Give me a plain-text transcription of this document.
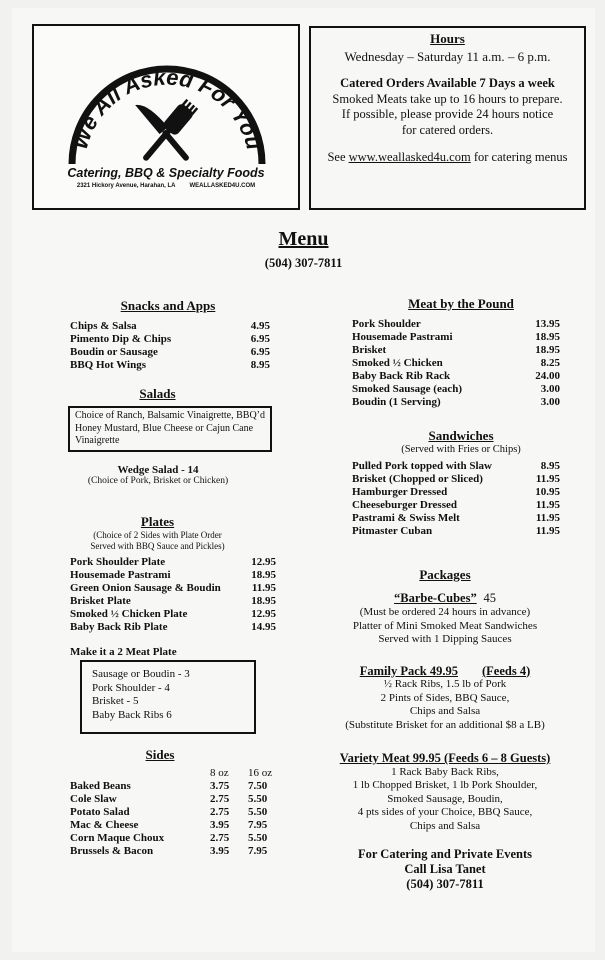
We All Asked For You
Catering, BBQ & Specialty Foods
2321 Hickory Avenue, Harahan, LA WEALLASKED4U.COM
Hours
Wednesday – Saturday 11 a.m. – 6 p.m.
Catered Orders Available 7 Days a week
Smoked Meats take up to 16 hours to prepare.
If possible, please provide 24 hours notice
for catered orders.
See www.weallasked4u.com for catering menus
Menu
(504) 307-7811
Snacks and Apps
Chips & Salsa	4.95
Pimento Dip & Chips	6.95
Boudin or Sausage	6.95
BBQ Hot Wings	8.95
Salads
Choice of Ranch, Balsamic Vinaigrette, BBQ’d Honey Mustard, Blue Cheese or Cajun Cane Vinaigrette
Wedge Salad - 14
(Choice of Pork, Brisket or Chicken)
Plates
(Choice of 2 Sides with Plate Order
Served with BBQ Sauce and Pickles)
Pork Shoulder Plate	12.95
Housemade Pastrami	18.95
Green Onion Sausage & Boudin	11.95
Brisket Plate	18.95
Smoked ½ Chicken Plate	12.95
Baby Back Rib Plate	14.95
Make it a 2 Meat Plate
Sausage or Boudin - 3
Pork Shoulder - 4
Brisket - 5
Baby Back Ribs 6
Sides
	8 oz	16 oz
Baked Beans	3.75	7.50
Cole Slaw	2.75	5.50
Potato Salad	2.75	5.50
Mac & Cheese	3.95	7.95
Corn Maque Choux	2.75	5.50
Brussels & Bacon	3.95	7.95
Meat by the Pound
Pork Shoulder	13.95
Housemade Pastrami	18.95
Brisket	18.95
Smoked ½ Chicken	8.25
Baby Back Rib Rack	24.00
Smoked Sausage (each)	3.00
Boudin (1 Serving)	3.00
Sandwiches
(Served with Fries or Chips)
Pulled Pork topped with Slaw	8.95
Brisket (Chopped or Sliced)	11.95
Hamburger Dressed	10.95
Cheeseburger Dressed	11.95
Pastrami & Swiss Melt	11.95
Pitmaster Cuban	11.95
Packages
“Barbe-Cubes” 45
(Must be ordered 24 hours in advance)
Platter of Mini Smoked Meat Sandwiches
Served with 1 Dipping Sauces
Family Pack 49.95 (Feeds 4)
½ Rack Ribs, 1.5 lb of Pork
2 Pints of Sides, BBQ Sauce,
Chips and Salsa
(Substitute Brisket for an additional $8 a LB)
Variety Meat 99.95 (Feeds 6 – 8 Guests)
1 Rack Baby Back Ribs,
1 lb Chopped Brisket, 1 lb Pork Shoulder,
Smoked Sausage, Boudin,
4 pts sides of your Choice, BBQ Sauce,
Chips and Salsa
For Catering and Private Events
Call Lisa Tanet
(504) 307-7811
